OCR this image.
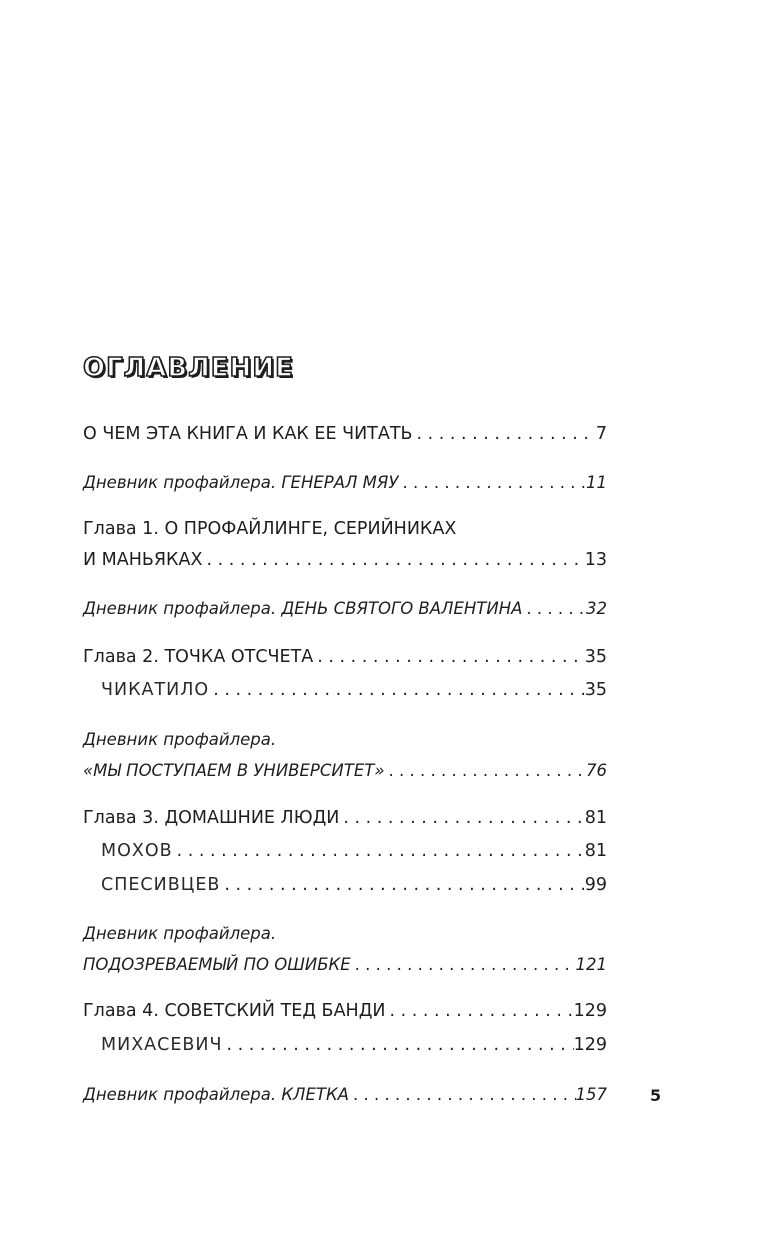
ОГЛАВЛЕНИЕ
О ЧЕМ ЭТА КНИГА И КАК ЕЕ ЧИТАТЬ . . .	7
Дневник профайлера. ГЕНЕРАЛ МЯУ . . .	11
Глава 1. О ПРОФАЙЛИНГЕ, СЕРИЙНИКАХ
И МАНЬЯКАХ . . .	13
Дневник профайлера. ДЕНЬ СВЯТОГО ВАЛЕНТИНА . . .	32
Глава 2. ТОЧКА ОТСЧЕТА . . .	35
ЧИКАТИЛО . . .	35
Дневник профайлера.
«МЫ ПОСТУПАЕМ В УНИВЕРСИТЕТ» . . .	76
Глава 3. ДОМАШНИЕ ЛЮДИ . . .	81
МОХОВ . . .	81
СПЕСИВЦЕВ . . .	99
Дневник профайлера.
ПОДОЗРЕВАЕМЫЙ ПО ОШИБКЕ . . .	121
Глава 4. СОВЕТСКИЙ ТЕД БАНДИ . . .	129
МИХАСЕВИЧ . . .	129
Дневник профайлера. КЛЕТКА . . .	157	5
